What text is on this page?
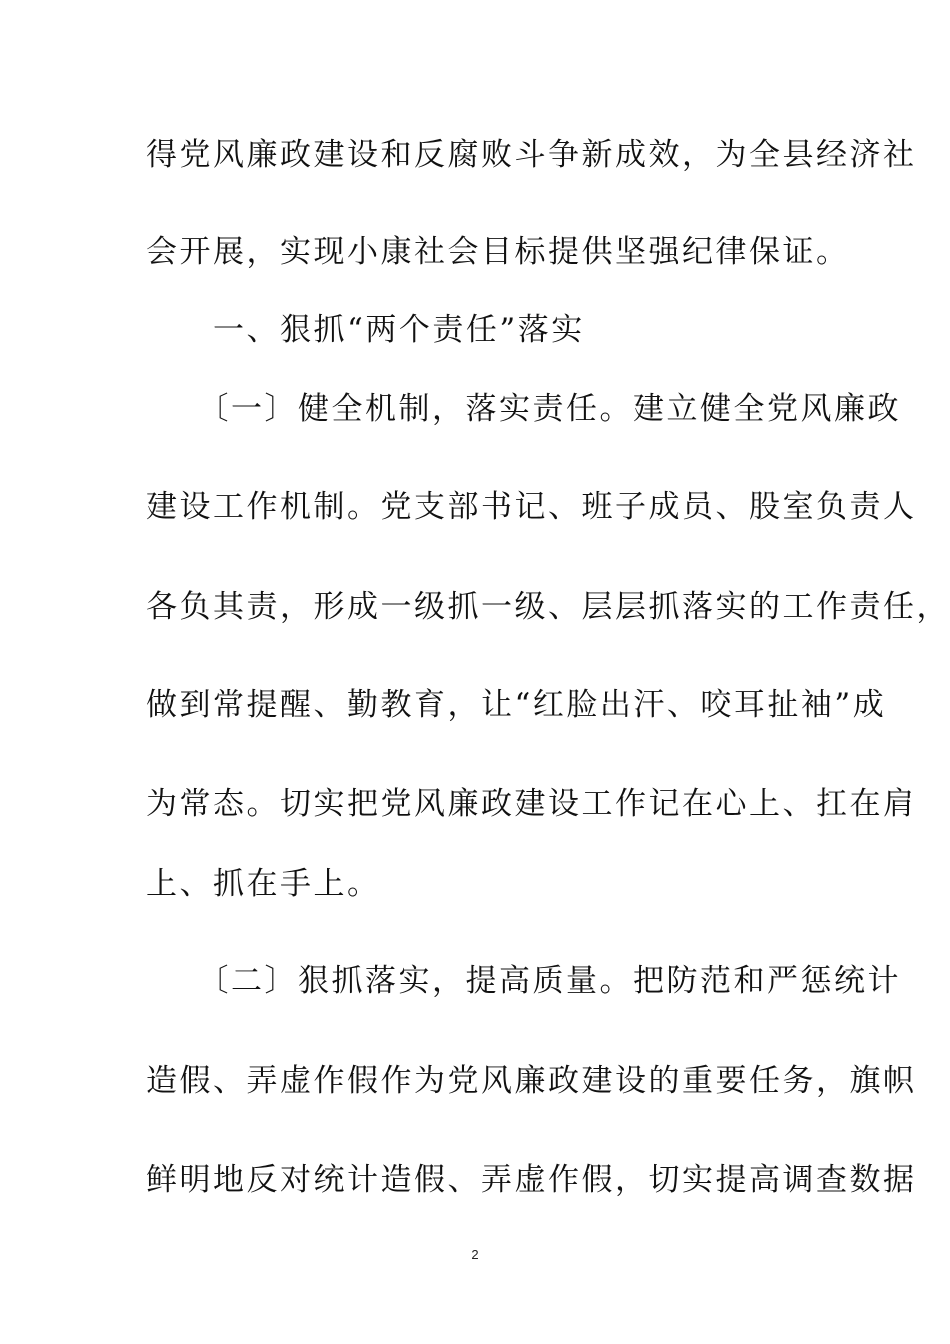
得党风廉政建设和反腐败斗争新成效，为全县经济社
会开展，实现小康社会目标提供坚强纪律保证。
　　一、狠抓“两个责任”落实
　　〔一〕健全机制，落实责任。建立健全党风廉政
建设工作机制。党支部书记、班子成员、股室负责人
各负其责，形成一级抓一级、层层抓落实的工作责任，
做到常提醒、勤教育，让“红脸出汗、咬耳扯袖”成
为常态。切实把党风廉政建设工作记在心上、扛在肩
上、抓在手上。
　　〔二〕狠抓落实，提高质量。把防范和严惩统计
造假、弄虚作假作为党风廉政建设的重要任务，旗帜
鲜明地反对统计造假、弄虚作假，切实提高调查数据
2
